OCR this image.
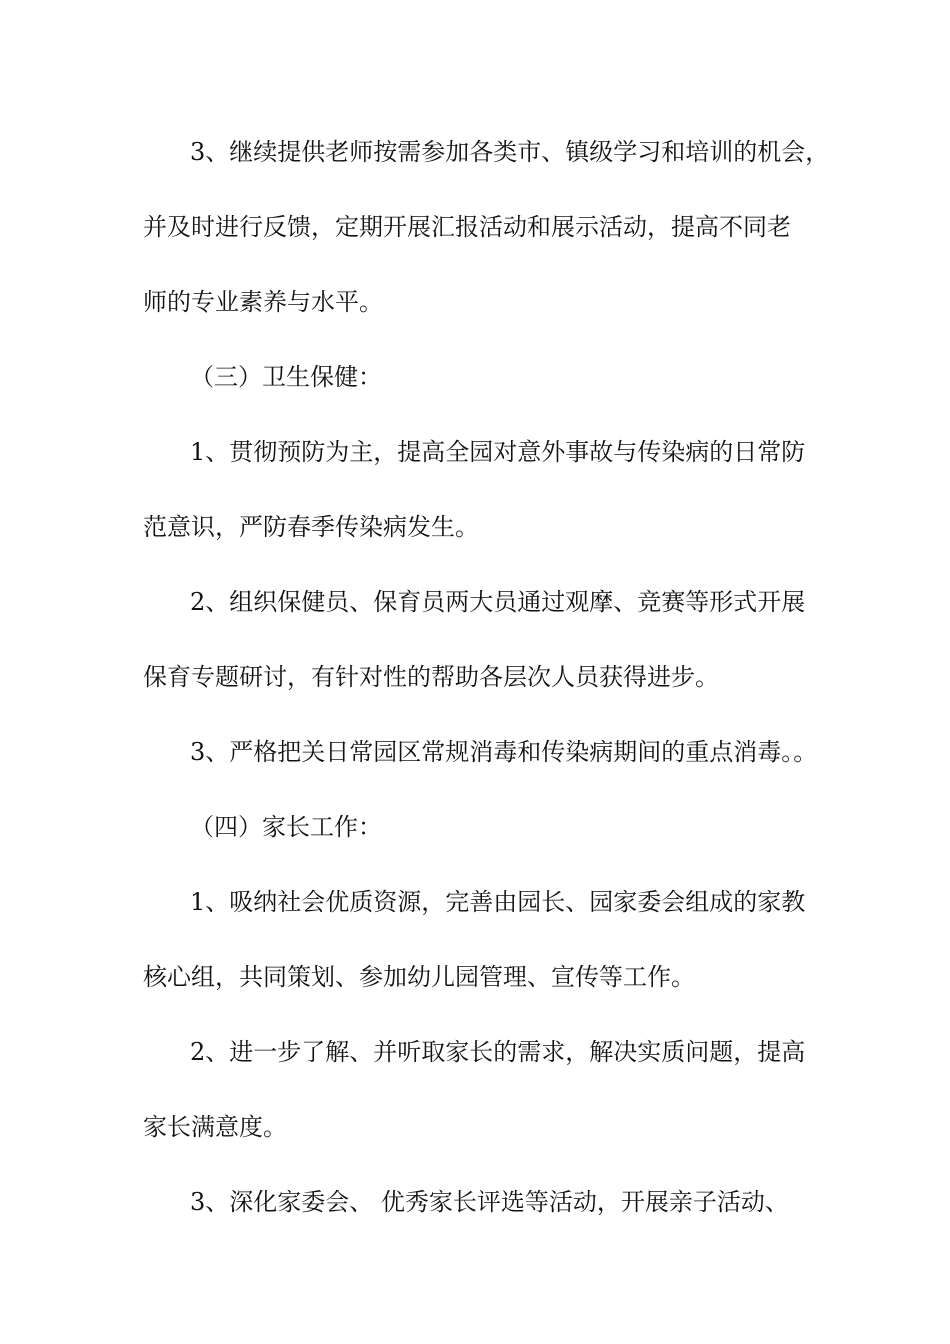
3、继续提供老师按需参加各类市、镇级学习和培训的机会，
并及时进行反馈，定期开展汇报活动和展示活动，提高不同老
师的专业素养与水平。
（三）卫生保健：
1、贯彻预防为主，提高全园对意外事故与传染病的日常防
范意识，严防春季传染病发生。
2、组织保健员、保育员两大员通过观摩、竞赛等形式开展
保育专题研讨，有针对性的帮助各层次人员获得进步。
3、严格把关日常园区常规消毒和传染病期间的重点消毒。。
（四）家长工作：
1、吸纳社会优质资源，完善由园长、园家委会组成的家教
核心组，共同策划、参加幼儿园管理、宣传等工作。
2、进一步了解、并听取家长的需求，解决实质问题，提高
家长满意度。
3、深化家委会、 优秀家长评选等活动，开展亲子活动、
